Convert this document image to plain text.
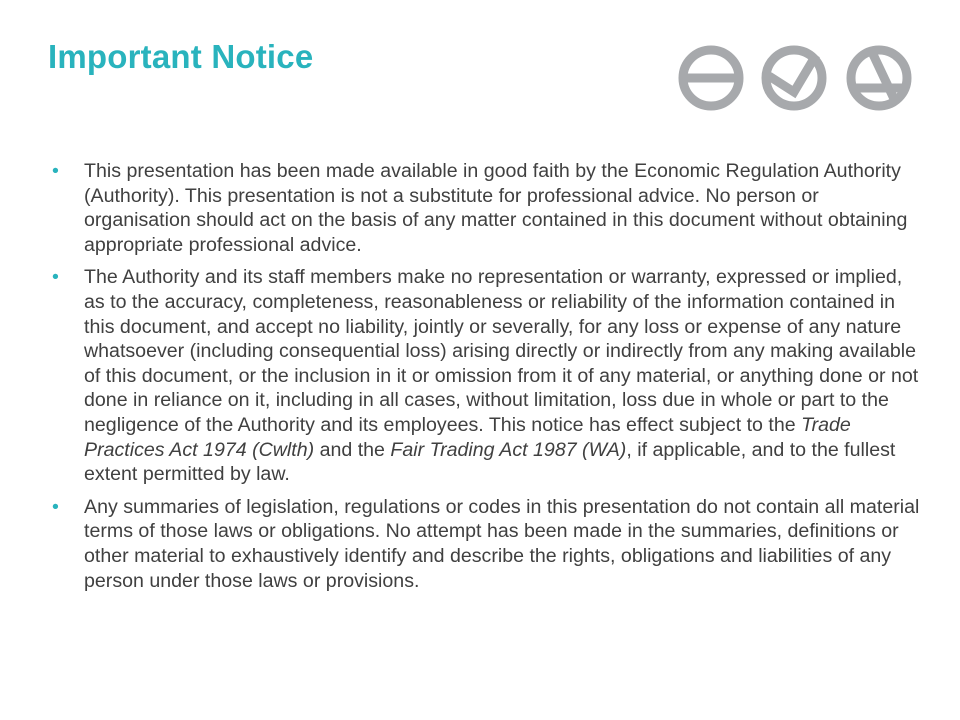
Important Notice
• This presentation has been made available in good faith by the Economic Regulation Authority (Authority). This presentation is not a substitute for professional advice. No person or organisation should act on the basis of any matter contained in this document without obtaining appropriate professional advice.
• The Authority and its staff members make no representation or warranty, expressed or implied, as to the accuracy, completeness, reasonableness or reliability of the information contained in this document, and accept no liability, jointly or severally, for any loss or expense of any nature whatsoever (including consequential loss) arising directly or indirectly from any making available of this document, or the inclusion in it or omission from it of any material, or anything done or not done in reliance on it, including in all cases, without limitation, loss due in whole or part to the negligence of the Authority and its employees. This notice has effect subject to the Trade Practices Act 1974 (Cwlth) and the Fair Trading Act 1987 (WA), if applicable, and to the fullest extent permitted by law.
• Any summaries of legislation, regulations or codes in this presentation do not contain all material terms of those laws or obligations. No attempt has been made in the summaries, definitions or other material to exhaustively identify and describe the rights, obligations and liabilities of any person under those laws or provisions.
